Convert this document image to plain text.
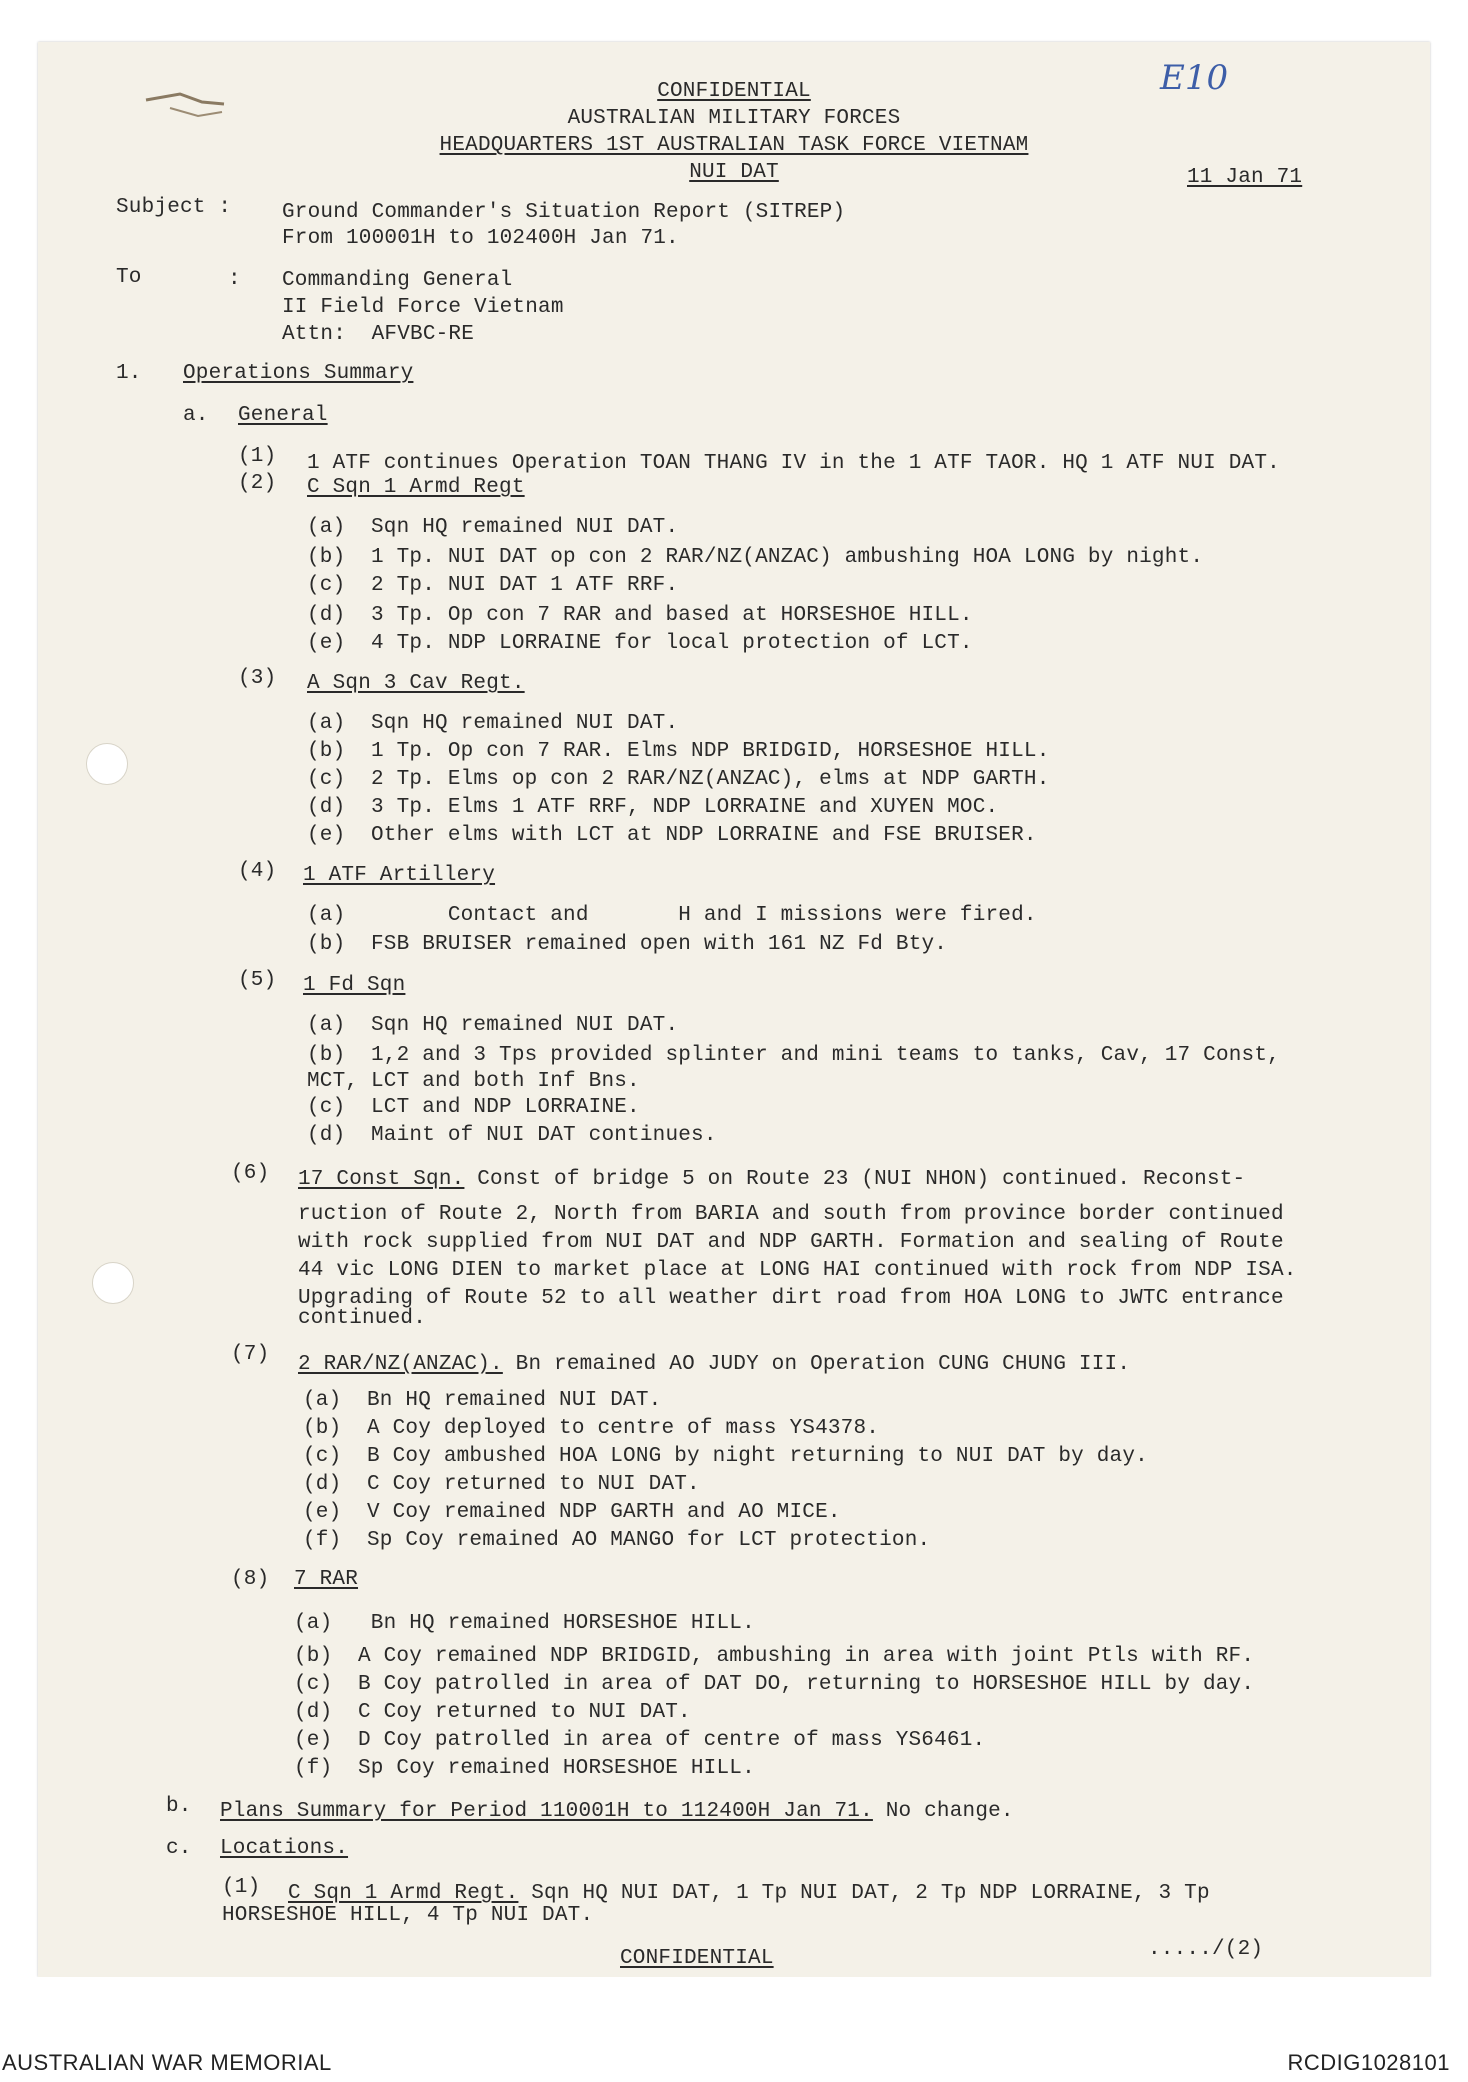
E10
CONFIDENTIAL
AUSTRALIAN MILITARY FORCES
HEADQUARTERS 1ST AUSTRALIAN TASK FORCE VIETNAM
NUI DAT	11 Jan 71
Subject : Ground Commander's Situation Report (SITREP)
From 100001H to 102400H Jan 71.
To	: Commanding General
II Field Force Vietnam
Attn:  AFVBC-RE
1. Operations Summary
a. General
(1) 1 ATF continues Operation TOAN THANG IV in the 1 ATF TAOR. HQ 1 ATF NUI DAT.
(2) C Sqn 1 Armd Regt
(a)  Sqn HQ remained NUI DAT.
(b)  1 Tp. NUI DAT op con 2 RAR/NZ(ANZAC) ambushing HOA LONG by night.
(c)  2 Tp. NUI DAT 1 ATF RRF.
(d)  3 Tp. Op con 7 RAR and based at HORSESHOE HILL.
(e)  4 Tp. NDP LORRAINE for local protection of LCT.
(3) A Sqn 3 Cav Regt.
(a)  Sqn HQ remained NUI DAT.
(b)  1 Tp. Op con 7 RAR. Elms NDP BRIDGID, HORSESHOE HILL.
(c)  2 Tp. Elms op con 2 RAR/NZ(ANZAC), elms at NDP GARTH.
(d)  3 Tp. Elms 1 ATF RRF, NDP LORRAINE and XUYEN MOC.
(e)  Other elms with LCT at NDP LORRAINE and FSE BRUISER.
(4) 1 ATF Artillery
(a)        Contact and       H and I missions were fired.
(b)  FSB BRUISER remained open with 161 NZ Fd Bty.
(5) 1 Fd Sqn
(a)  Sqn HQ remained NUI DAT.
(b)  1,2 and 3 Tps provided splinter and mini teams to tanks, Cav, 17 Const,
MCT, LCT and both Inf Bns.
(c)  LCT and NDP LORRAINE.
(d)  Maint of NUI DAT continues.
(6) 17 Const Sqn. Const of bridge 5 on Route 23 (NUI NHON) continued. Reconst-
ruction of Route 2, North from BARIA and south from province border continued
with rock supplied from NUI DAT and NDP GARTH. Formation and sealing of Route
44 vic LONG DIEN to market place at LONG HAI continued with rock from NDP ISA.
Upgrading of Route 52 to all weather dirt road from HOA LONG to JWTC entrance
continued.
(7) 2 RAR/NZ(ANZAC). Bn remained AO JUDY on Operation CUNG CHUNG III.
(a)  Bn HQ remained NUI DAT.
(b)  A Coy deployed to centre of mass YS4378.
(c)  B Coy ambushed HOA LONG by night returning to NUI DAT by day.
(d)  C Coy returned to NUI DAT.
(e)  V Coy remained NDP GARTH and AO MICE.
(f)  Sp Coy remained AO MANGO for LCT protection.
(8) 7 RAR
(a)   Bn HQ remained HORSESHOE HILL.
(b)  A Coy remained NDP BRIDGID, ambushing in area with joint Ptls with RF.
(c)  B Coy patrolled in area of DAT DO, returning to HORSESHOE HILL by day.
(d)  C Coy returned to NUI DAT.
(e)  D Coy patrolled in area of centre of mass YS6461.
(f)  Sp Coy remained HORSESHOE HILL.
b. Plans Summary for Period 110001H to 112400H Jan 71. No change.
c. Locations.
(1) C Sqn 1 Armd Regt. Sqn HQ NUI DAT, 1 Tp NUI DAT, 2 Tp NDP LORRAINE, 3 Tp
HORSESHOE HILL, 4 Tp NUI DAT.
CONFIDENTIAL	...../(2)
AUSTRALIAN WAR MEMORIAL	RCDIG1028101
